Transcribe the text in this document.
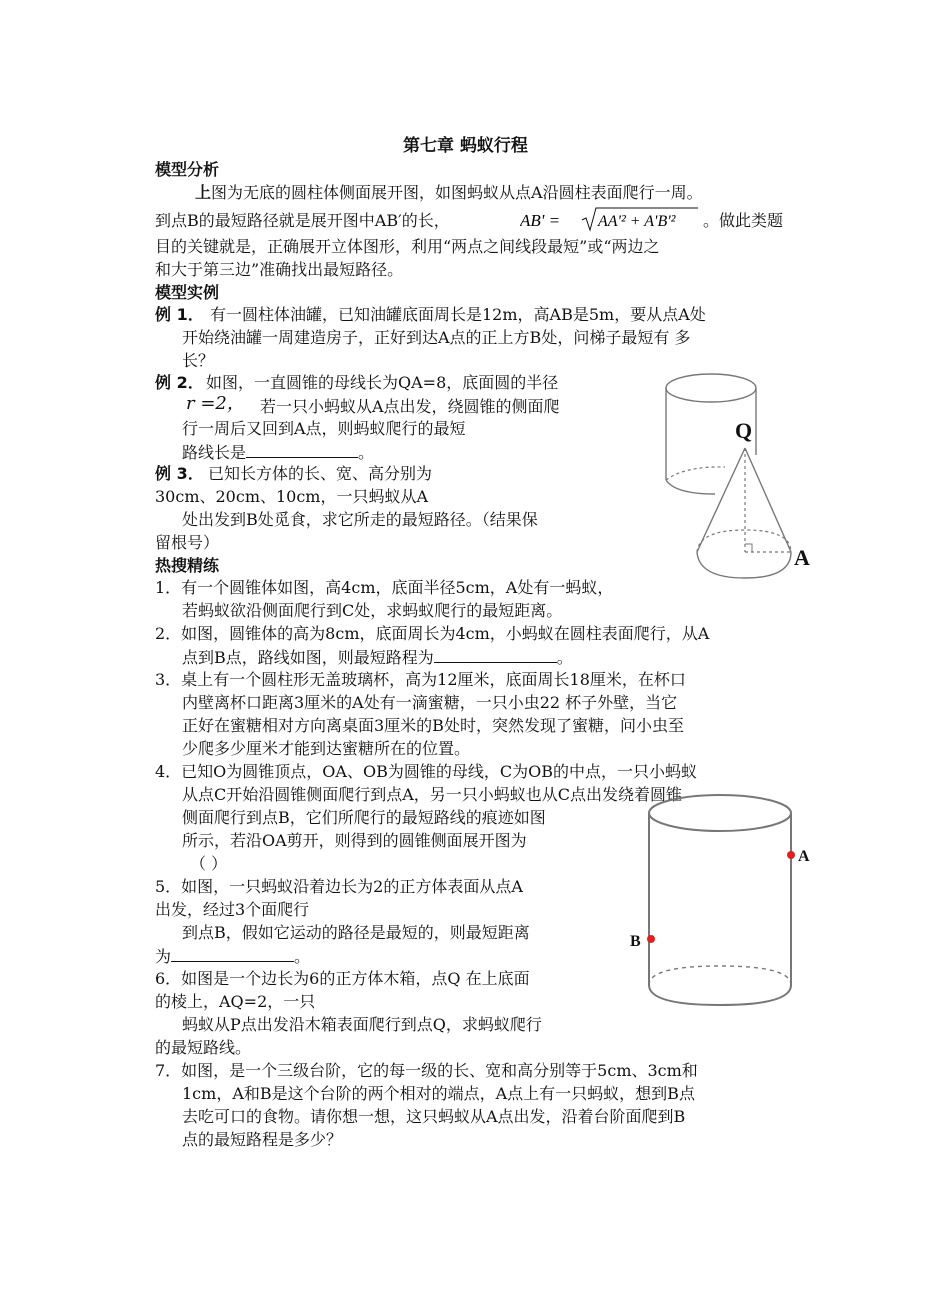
第七章 蚂蚁行程
模型分析
上图为无底的圆柱体侧面展开图，如图蚂蚁从点A沿圆柱表面爬行一周。
到点B的最短路径就是展开图中AB′的长，	AB' = AA'² + A'B'² 。做此类题
目的关键就是，正确展开立体图形，利用“两点之间线段最短”或“两边之
和大于第三边”准确找出最短路径。
模型实例
例 1． 有一圆柱体油罐，已知油罐底面周长是12m，高AB是5m，要从点A处
开始绕油罐一周建造房子，正好到达A点的正上方B处，问梯子最短有 多
长？
例 2． 如图，一直圆锥的母线长为QA=8，底面圆的半径
r =2， 若一只小蚂蚁从A点出发，绕圆锥的侧面爬
行一周后又回到A点，则蚂蚁爬行的最短
路线长是	。
例 3． 已知长方体的长、宽、高分别为
30cm、20cm、10cm，一只蚂蚁从A
处出发到B处觅食，求它所走的最短路径。（结果保
留根号）
热搜精练
1．有一个圆锥体如图，高4cm，底面半径5cm，A处有一蚂蚁，
若蚂蚁欲沿侧面爬行到C处，求蚂蚁爬行的最短距离。
2．如图，圆锥体的高为8cm，底面周长为4cm，小蚂蚁在圆柱表面爬行，从A
点到B点，路线如图，则最短路程为	。
3．桌上有一个圆柱形无盖玻璃杯，高为12厘米，底面周长18厘米，在杯口
内壁离杯口距离3厘米的A处有一滴蜜糖，一只小虫22 杯子外壁，当它
正好在蜜糖相对方向离桌面3厘米的B处时，突然发现了蜜糖，问小虫至
少爬多少厘米才能到达蜜糖所在的位置。
4．已知O为圆锥顶点，OA、OB为圆锥的母线，C为OB的中点，一只小蚂蚁
从点C开始沿圆锥侧面爬行到点A，另一只小蚂蚁也从C点出发绕着圆锥
侧面爬行到点B，它们所爬行的最短路线的痕迹如图
所示，若沿OA剪开，则得到的圆锥侧面展开图为
（ ）
5．如图，一只蚂蚁沿着边长为2的正方体表面从点A
出发，经过3个面爬行
到点B，假如它运动的路径是最短的，则最短距离
为	。
6．如图是一个边长为6的正方体木箱，点Q 在上底面
的棱上，AQ=2，一只
蚂蚁从P点出发沿木箱表面爬行到点Q，求蚂蚁爬行
的最短路线。
7．如图，是一个三级台阶，它的每一级的长、宽和高分别等于5cm、3cm和
1cm，A和B是这个台阶的两个相对的端点，A点上有一只蚂蚁，想到B点
去吃可口的食物。请你想一想，这只蚂蚁从A点出发，沿着台阶面爬到B
点的最短路程是多少？
Q
A
A
B
